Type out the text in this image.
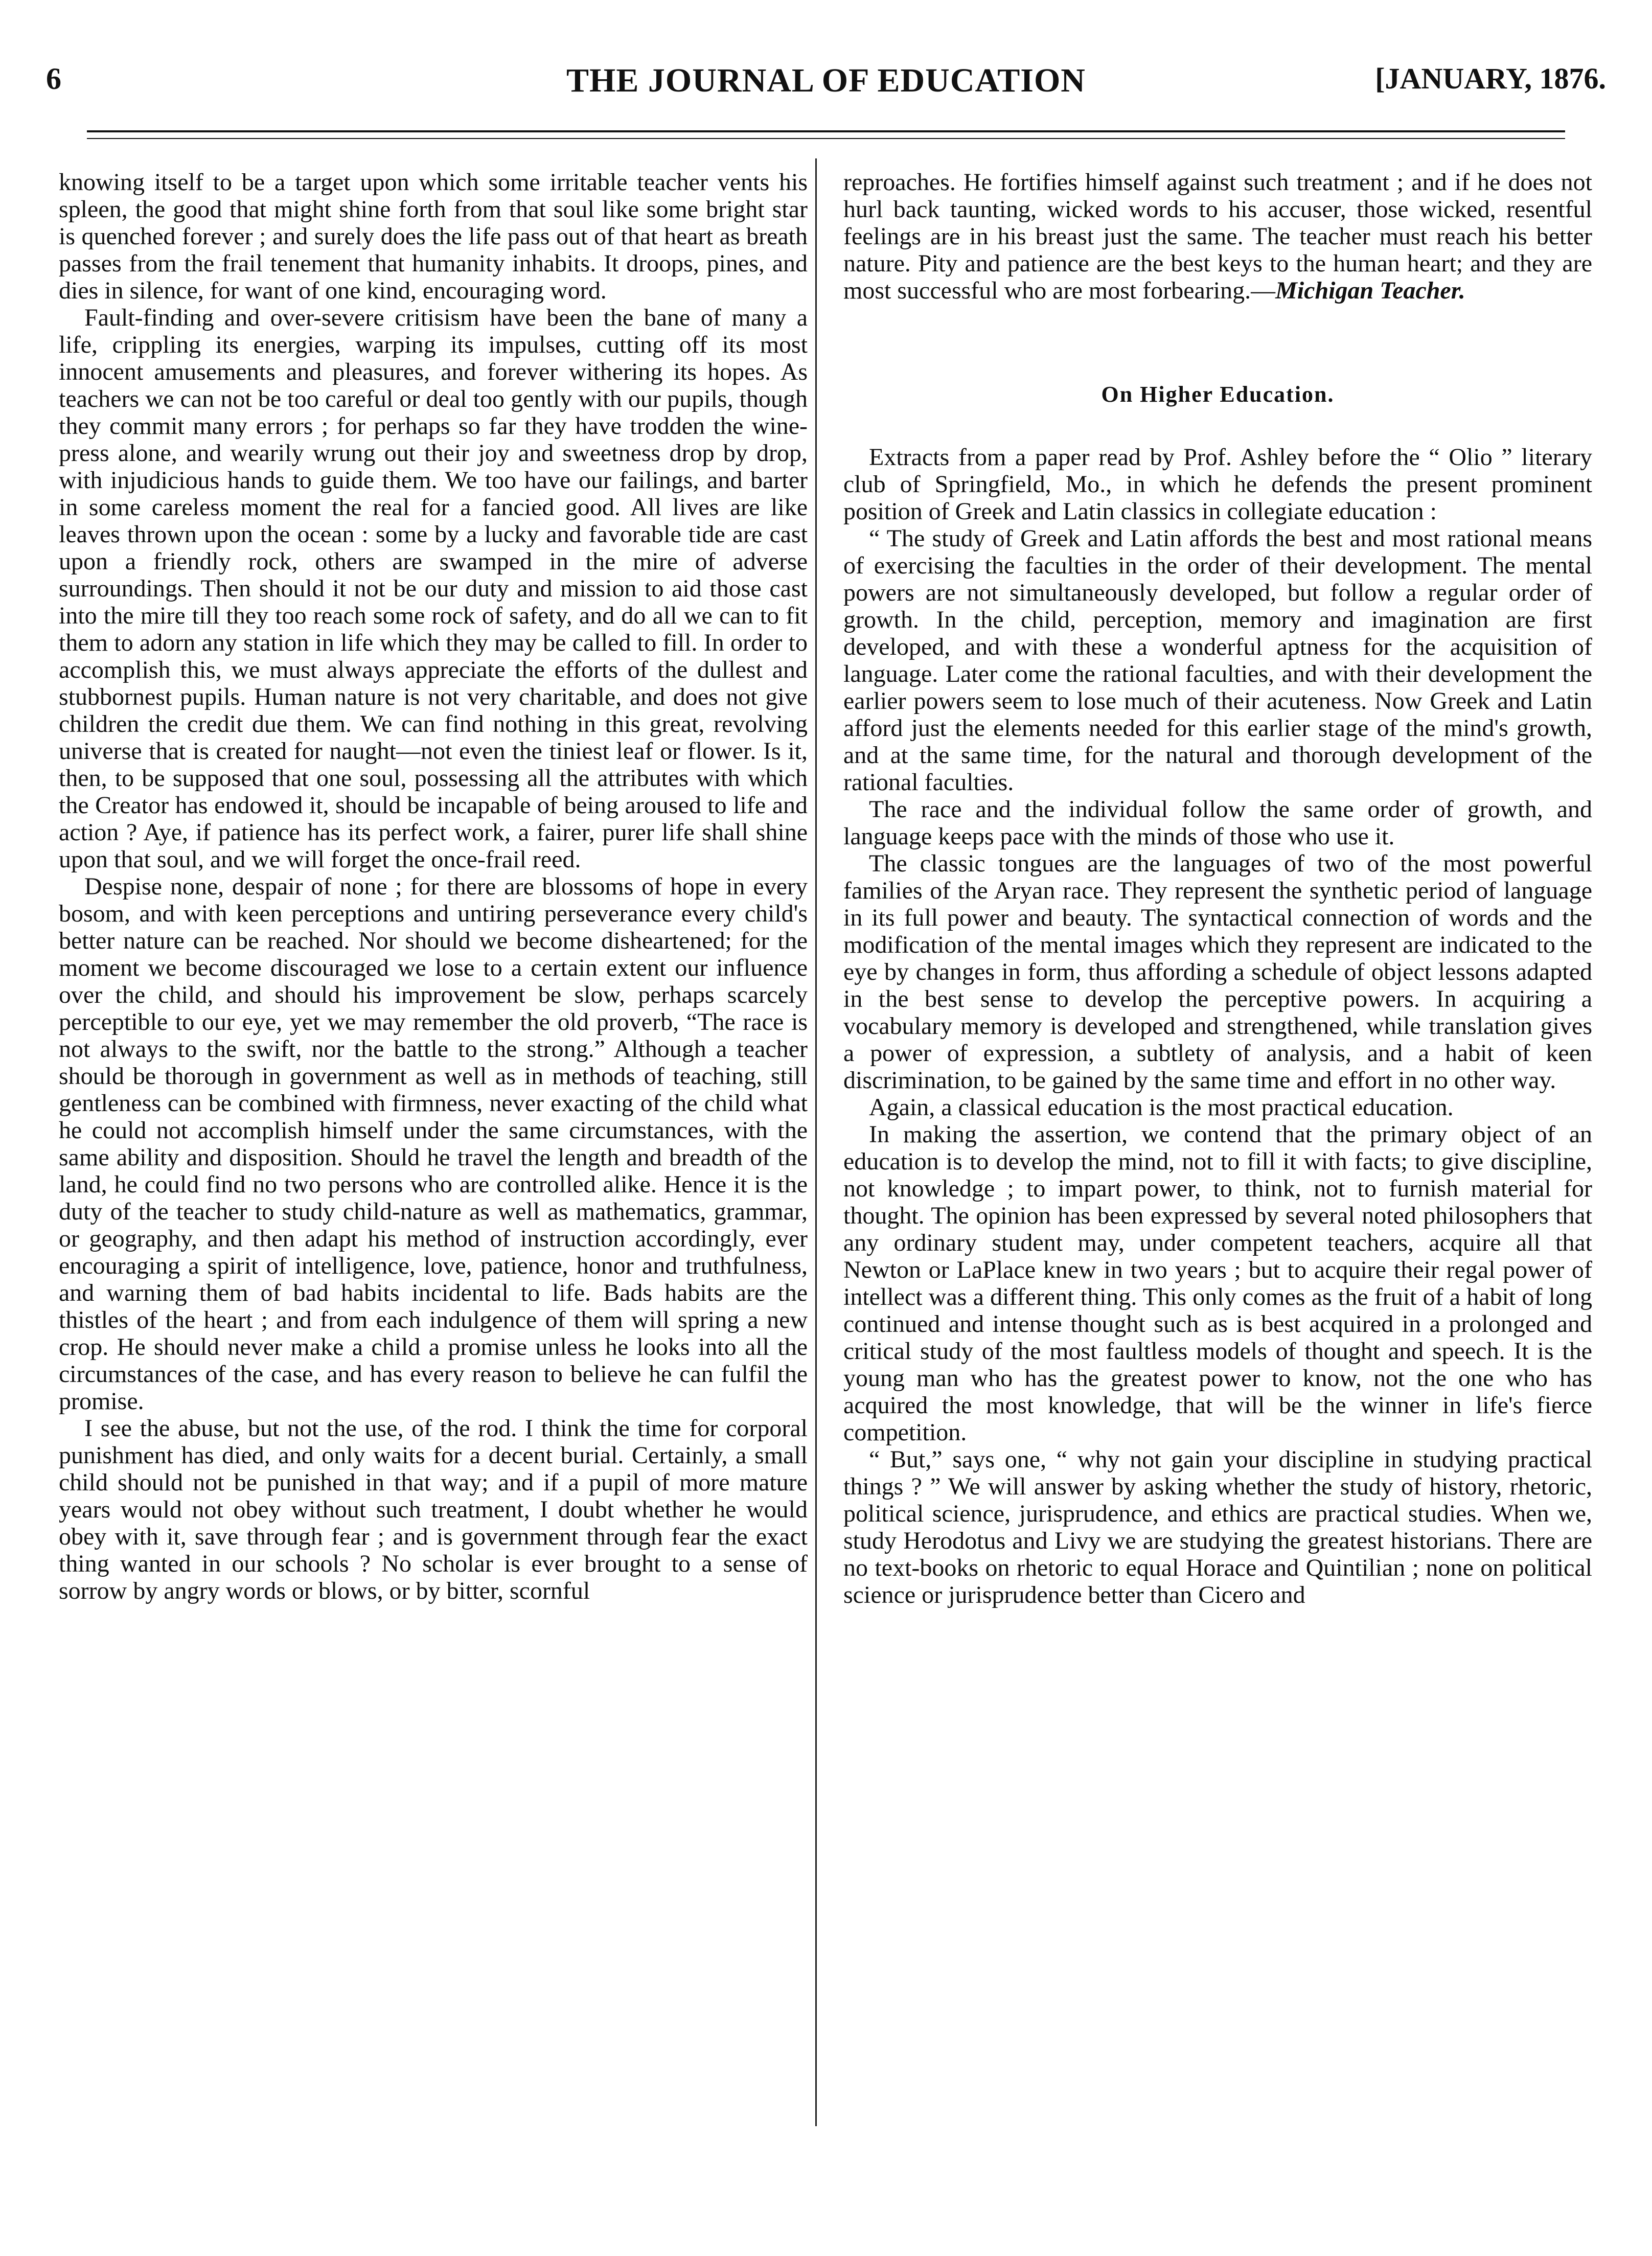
6	THE JOURNAL OF EDUCATION	[JANUARY, 1876.

knowing itself to be a target upon which some irritable teacher vents his spleen, the good that might shine forth from that soul like some bright star is quenched forever ; and surely does the life pass out of that heart as breath passes from the frail tenement that humanity inhabits. It droops, pines, and dies in silence, for want of one kind, encouraging word.

Fault-finding and over-severe critisism have been the bane of many a life, crippling its energies, warping its impulses, cutting off its most innocent amusements and pleasures, and forever withering its hopes. As teachers we can not be too careful or deal too gently with our pupils, though they commit many errors ; for perhaps so far they have trodden the wine-press alone, and wearily wrung out their joy and sweetness drop by drop, with injudicious hands to guide them. We too have our failings, and barter in some careless moment the real for a fancied good. All lives are like leaves thrown upon the ocean : some by a lucky and favorable tide are cast upon a friendly rock, others are swamped in the mire of adverse surroundings. Then should it not be our duty and mission to aid those cast into the mire till they too reach some rock of safety, and do all we can to fit them to adorn any station in life which they may be called to fill. In order to accomplish this, we must always appreciate the efforts of the dullest and stubbornest pupils. Human nature is not very charitable, and does not give children the credit due them. We can find nothing in this great, revolving universe that is created for naught—not even the tiniest leaf or flower. Is it, then, to be supposed that one soul, possessing all the attributes with which the Creator has endowed it, should be incapable of being aroused to life and action ? Aye, if patience has its perfect work, a fairer, purer life shall shine upon that soul, and we will forget the once-frail reed.

Despise none, despair of none ; for there are blossoms of hope in every bosom, and with keen perceptions and untiring perseverance every child's better nature can be reached. Nor should we become disheartened; for the moment we become discouraged we lose to a certain extent our influence over the child, and should his improvement be slow, perhaps scarcely perceptible to our eye, yet we may remember the old proverb, “The race is not always to the swift, nor the battle to the strong.” Although a teacher should be thorough in government as well as in methods of teaching, still gentleness can be combined with firmness, never exacting of the child what he could not accomplish himself under the same circumstances, with the same ability and disposition. Should he travel the length and breadth of the land, he could find no two persons who are controlled alike. Hence it is the duty of the teacher to study child-nature as well as mathematics, grammar, or geography, and then adapt his method of instruction accordingly, ever encouraging a spirit of intelligence, love, patience, honor and truthfulness, and warning them of bad habits incidental to life. Bads habits are the thistles of the heart ; and from each indulgence of them will spring a new crop. He should never make a child a promise unless he looks into all the circumstances of the case, and has every reason to believe he can fulfil the promise.

I see the abuse, but not the use, of the rod. I think the time for corporal punishment has died, and only waits for a decent burial. Certainly, a small child should not be punished in that way; and if a pupil of more mature years would not obey without such treatment, I doubt whether he would obey with it, save through fear ; and is government through fear the exact thing wanted in our schools ? No scholar is ever brought to a sense of sorrow by angry words or blows, or by bitter, scornful

reproaches. He fortifies himself against such treatment ; and if he does not hurl back taunting, wicked words to his accuser, those wicked, resentful feelings are in his breast just the same. The teacher must reach his better nature. Pity and patience are the best keys to the human heart; and they are most successful who are most forbearing.—Michigan Teacher.

On Higher Education.

Extracts from a paper read by Prof. Ashley before the “ Olio ” literary club of Springfield, Mo., in which he defends the present prominent position of Greek and Latin classics in collegiate education :

“ The study of Greek and Latin affords the best and most rational means of exercising the faculties in the order of their development. The mental powers are not simultaneously developed, but follow a regular order of growth. In the child, perception, memory and imagination are first developed, and with these a wonderful aptness for the acquisition of language. Later come the rational faculties, and with their development the earlier powers seem to lose much of their acuteness. Now Greek and Latin afford just the elements needed for this earlier stage of the mind's growth, and at the same time, for the natural and thorough development of the rational faculties.

The race and the individual follow the same order of growth, and language keeps pace with the minds of those who use it.

The classic tongues are the languages of two of the most powerful families of the Aryan race. They represent the synthetic period of language in its full power and beauty. The syntactical connection of words and the modification of the mental images which they represent are indicated to the eye by changes in form, thus affording a schedule of object lessons adapted in the best sense to develop the perceptive powers. In acquiring a vocabulary memory is developed and strengthened, while translation gives a power of expression, a subtlety of analysis, and a habit of keen discrimination, to be gained by the same time and effort in no other way.

Again, a classical education is the most practical education.

In making the assertion, we contend that the primary object of an education is to develop the mind, not to fill it with facts; to give discipline, not knowledge ; to impart power, to think, not to furnish material for thought. The opinion has been expressed by several noted philosophers that any ordinary student may, under competent teachers, acquire all that Newton or LaPlace knew in two years ; but to acquire their regal power of intellect was a different thing. This only comes as the fruit of a habit of long continued and intense thought such as is best acquired in a prolonged and critical study of the most faultless models of thought and speech. It is the young man who has the greatest power to know, not the one who has acquired the most knowledge, that will be the winner in life's fierce competition.

“ But,” says one, “ why not gain your discipline in studying practical things ? ” We will answer by asking whether the study of history, rhetoric, political science, jurisprudence, and ethics are practical studies. When we, study Herodotus and Livy we are studying the greatest historians. There are no text-books on rhetoric to equal Horace and Quintilian ; none on political science or jurisprudence better than Cicero and
